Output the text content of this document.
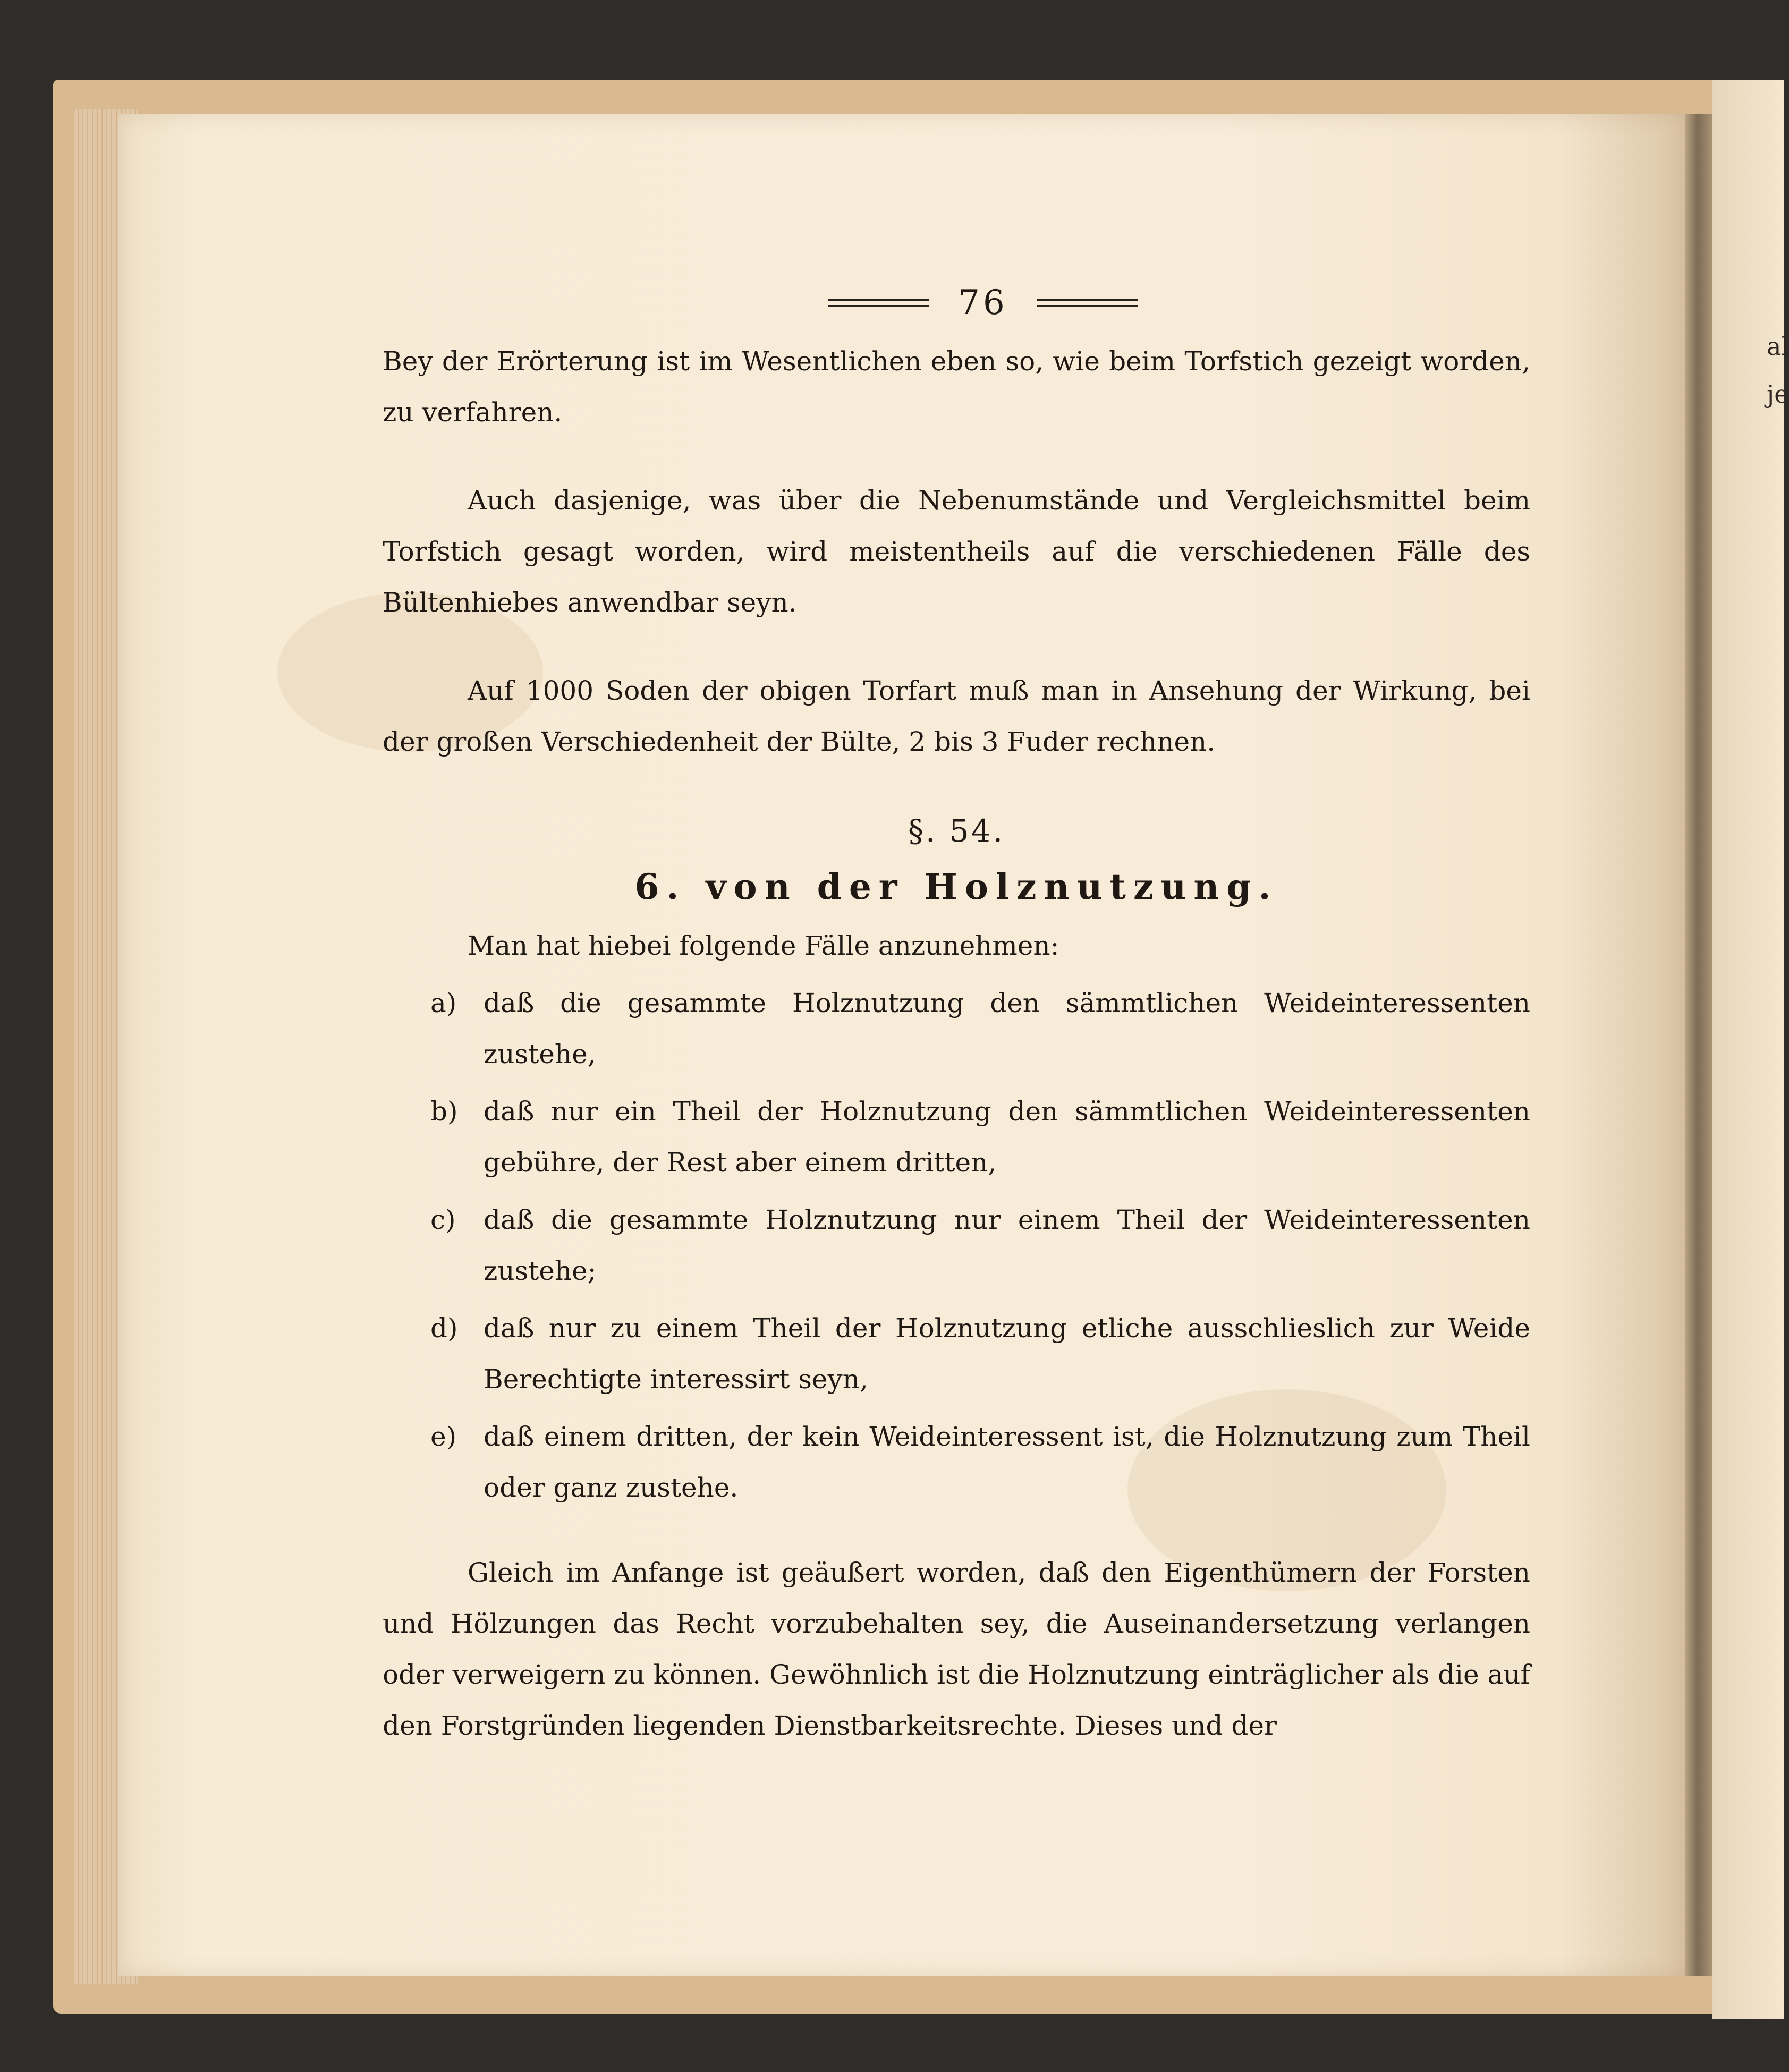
al
je
76

Bey der Erörterung ist im Wesentlichen eben so, wie beim Torfstich gezeigt worden, zu verfahren.

Auch dasjenige, was über die Nebenumstände und Vergleichsmittel beim Torfstich gesagt worden, wird meistentheils auf die verschiedenen Fälle des Bültenhiebes anwendbar seyn.

Auf 1000 Soden der obigen Torfart muß man in Ansehung der Wirkung, bei der großen Verschiedenheit der Bülte, 2 bis 3 Fuder rechnen.

§. 54.
6. von der Holznutzung.

Man hat hiebei folgende Fälle anzunehmen:

a)	daß die gesammte Holznutzung den sämmtlichen Weideinteressenten zustehe,
b) daß nur ein Theil der Holznutzung den sämmtlichen Weideinteressenten gebühre, der Rest aber einem dritten,
c)	daß die gesammte Holznutzung nur einem Theil der Weideinteressenten zustehe;
d) daß nur zu einem Theil der Holznutzung etliche ausschlieslich zur Weide Berechtigte interessirt seyn,
e)	daß einem dritten, der kein Weideinteressent ist, die Holznutzung zum Theil oder ganz zustehe.

Gleich im Anfange ist geäußert worden, daß den Eigenthümern der Forsten und Hölzungen das Recht vorzubehalten sey, die Auseinandersetzung verlangen oder verweigern zu können. Gewöhnlich ist die Holznutzung einträglicher als die auf den Forstgründen liegenden Dienstbarkeitsrechte. Dieses und der
